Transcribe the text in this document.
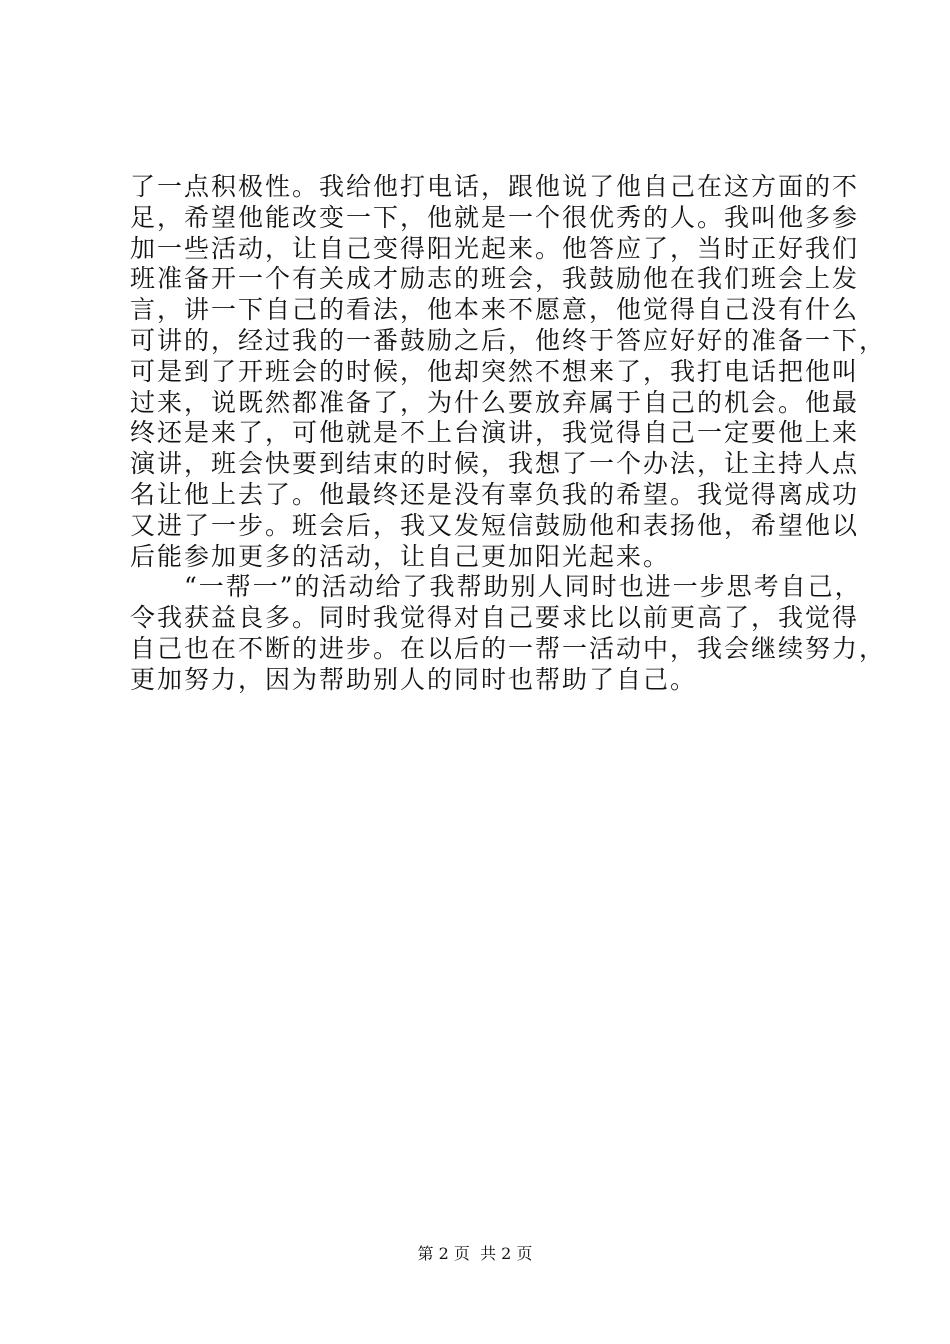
了一点积极性。我给他打电话，跟他说了他自己在这方面的不
足，希望他能改变一下，他就是一个很优秀的人。我叫他多参
加一些活动，让自己变得阳光起来。他答应了，当时正好我们
班准备开一个有关成才励志的班会，我鼓励他在我们班会上发
言，讲一下自己的看法，他本来不愿意，他觉得自己没有什么
可讲的，经过我的一番鼓励之后，他终于答应好好的准备一下，
可是到了开班会的时候，他却突然不想来了，我打电话把他叫
过来，说既然都准备了，为什么要放弃属于自己的机会。他最
终还是来了，可他就是不上台演讲，我觉得自己一定要他上来
演讲，班会快要到结束的时候，我想了一个办法，让主持人点
名让他上去了。他最终还是没有辜负我的希望。我觉得离成功
又进了一步。班会后，我又发短信鼓励他和表扬他，希望他以
后能参加更多的活动，让自己更加阳光起来。
　　“一帮一”的活动给了我帮助别人同时也进一步思考自己，
令我获益良多。同时我觉得对自己要求比以前更高了，我觉得
自己也在不断的进步。在以后的一帮一活动中，我会继续努力，
更加努力，因为帮助别人的同时也帮助了自己。
第 2 页  共 2 页
